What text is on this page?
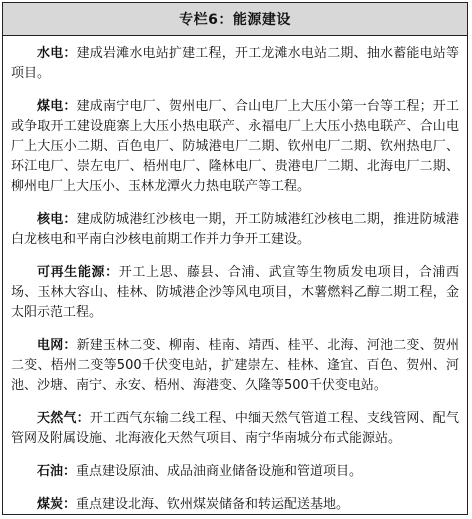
专栏6：能源建设

水电：建成岩滩水电站扩建工程，开工龙滩水电站二期、抽水蓄能电站等项目。

煤电：建成南宁电厂、贺州电厂、合山电厂上大压小第一台等工程；开工或争取开工建设鹿寨上大压小热电联产、永福电厂上大压小热电联产、合山电厂上大压小二期、百色电厂、防城港电厂二期、钦州电厂二期、钦州热电厂、环江电厂、崇左电厂、梧州电厂、隆林电厂、贵港电厂二期、北海电厂二期、柳州电厂上大压小、玉林龙潭火力热电联产等工程。

核电：建成防城港红沙核电一期，开工防城港红沙核电二期，推进防城港白龙核电和平南白沙核电前期工作并力争开工建设。

可再生能源：开工上思、藤县、合浦、武宣等生物质发电项目，合浦西场、玉林大容山、桂林、防城港企沙等风电项目，木薯燃料乙醇二期工程，金太阳示范工程。

电网：新建玉林二变、柳南、桂南、靖西、桂平、北海、河池二变、贺州二变、梧州二变等500千伏变电站，扩建崇左、桂林、逢宜、百色、贺州、河池、沙塘、南宁、永安、梧州、海港变、久隆等500千伏变电站。

天然气：开工西气东输二线工程、中缅天然气管道工程、支线管网、配气管网及附属设施、北海液化天然气项目、南宁华南城分布式能源站。

石油：重点建设原油、成品油商业储备设施和管道项目。

煤炭：重点建设北海、钦州煤炭储备和转运配送基地。
